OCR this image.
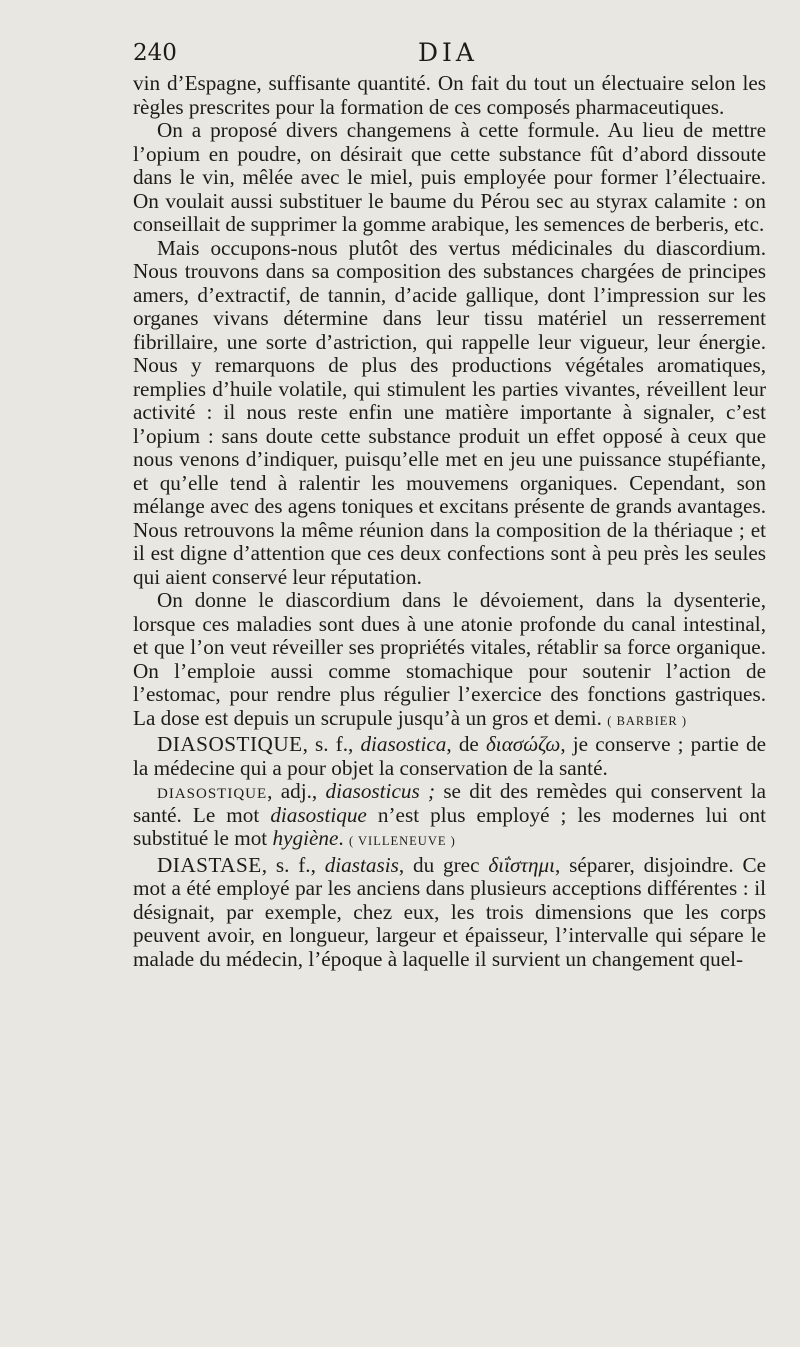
240	DIA

vin d’Espagne, suffisante quantité. On fait du tout un électuaire selon les règles prescrites pour la formation de ces composés pharmaceutiques.

On a proposé divers changemens à cette formule. Au lieu de mettre l’opium en poudre, on désirait que cette substance fût d’abord dissoute dans le vin, mêlée avec le miel, puis employée pour former l’électuaire. On voulait aussi substituer le baume du Pérou sec au styrax calamite : on conseillait de supprimer la gomme arabique, les semences de berberis, etc.

Mais occupons-nous plutôt des vertus médicinales du diascordium. Nous trouvons dans sa composition des substances chargées de principes amers, d’extractif, de tannin, d’acide gallique, dont l’impression sur les organes vivans détermine dans leur tissu matériel un resserrement fibrillaire, une sorte d’astriction, qui rappelle leur vigueur, leur énergie. Nous y remarquons de plus des productions végétales aromatiques, remplies d’huile volatile, qui stimulent les parties vivantes, réveillent leur activité : il nous reste enfin une matière importante à signaler, c’est l’opium : sans doute cette substance produit un effet opposé à ceux que nous venons d’indiquer, puisqu’elle met en jeu une puissance stupéfiante, et qu’elle tend à ralentir les mouvemens organiques. Cependant, son mélange avec des agens toniques et excitans présente de grands avantages. Nous retrouvons la même réunion dans la composition de la thériaque ; et il est digne d’attention que ces deux confections sont à peu près les seules qui aient conservé leur réputation.

On donne le diascordium dans le dévoiement, dans la dysenterie, lorsque ces maladies sont dues à une atonie profonde du canal intestinal, et que l’on veut réveiller ses propriétés vitales, rétablir sa force organique. On l’emploie aussi comme stomachique pour soutenir l’action de l’estomac, pour rendre plus régulier l’exercice des fonctions gastriques. La dose est depuis un scrupule jusqu’à un gros et demi. ( BARBIER )

DIASOSTIQUE, s. f., diasostica, de διασώζω, je conserve ; partie de la médecine qui a pour objet la conservation de la santé.

diasostique, adj., diasosticus ; se dit des remèdes qui conservent la santé. Le mot diasostique n’est plus employé ; les modernes lui ont substitué le mot hygiène. ( VILLENEUVE )

DIASTASE, s. f., diastasis, du grec διΐστημι, séparer, disjoindre. Ce mot a été employé par les anciens dans plusieurs acceptions différentes : il désignait, par exemple, chez eux, les trois dimensions que les corps peuvent avoir, en longueur, largeur et épaisseur, l’intervalle qui sépare le malade du médecin, l’époque à laquelle il survient un changement quel-
